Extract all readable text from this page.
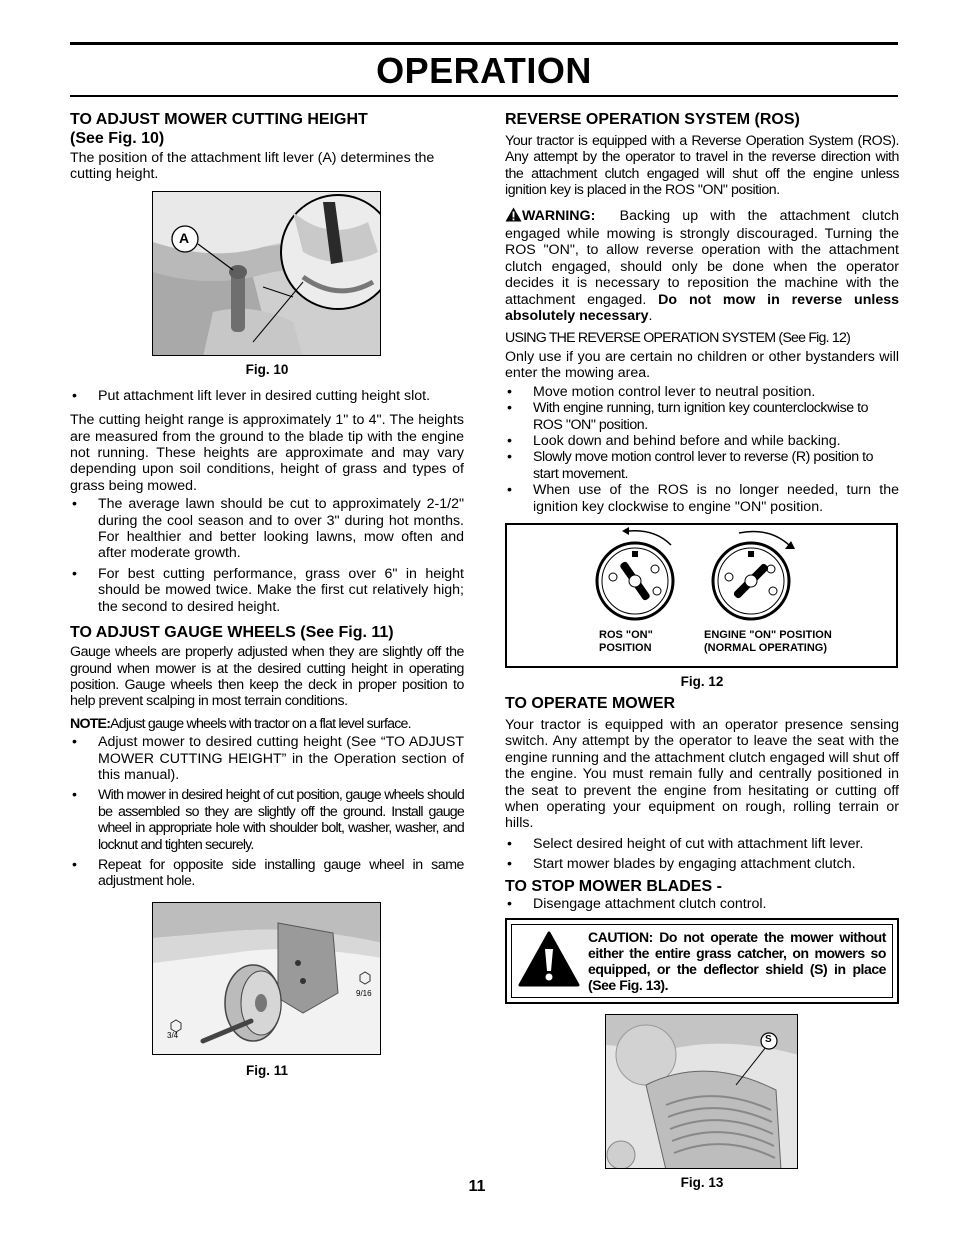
OPERATION
TO ADJUST MOWER CUTTING HEIGHT
(See Fig. 10)

The position of the attachment lift lever (A) determines the cutting height.

A
Fig. 10
• Put attachment lift lever in desired cutting height slot.

The cutting height range is approximately 1" to 4". The heights are measured from the ground to the blade tip with the engine not running. These heights are approximate and may vary depending upon soil conditions, height of grass and types of grass being mowed.

• The average lawn should be cut to approximately 2-1/2" during the cool season and to over 3" during hot months. For healthier and better looking lawns, mow often and after moderate growth.
• For best cutting performance, grass over 6" in height should be mowed twice. Make the first cut relatively high; the second to desired height.
TO ADJUST GAUGE WHEELS (See Fig. 11)

Gauge wheels are properly adjusted when they are slightly off the ground when mower is at the desired cutting height in operating position. Gauge wheels then keep the deck in proper position to help prevent scalping in most terrain conditions.

NOTE:Adjust gauge wheels with tractor on a flat level surface.

• Adjust mower to desired cutting height (See “TO ADJUST MOWER CUTTING HEIGHT” in the Operation section of this manual).
• With mower in desired height of cut position, gauge wheels should be assembled so they are slightly off the ground. Install gauge wheel in appropriate hole with shoulder bolt, washer, washer, and locknut and tighten securely.
• Repeat for opposite side installing gauge wheel in same adjustment hole.
9/16
3/4
Fig. 11
REVERSE OPERATION SYSTEM (ROS)

Your tractor is equipped with a Reverse Operation System (ROS). Any attempt by the operator to travel in the reverse direction with the attachment clutch engaged will shut off the engine unless ignition key is placed in the ROS "ON" position.

WARNING: Backing up with the attachment clutch engaged while mowing is strongly discouraged. Turning the ROS "ON", to allow reverse operation with the attachment clutch engaged, should only be done when the operator decides it is necessary to reposition the machine with the attachment engaged. Do not mow in reverse unless absolutely necessary.

USING THE REVERSE OPERATION SYSTEM (See Fig. 12)

Only use if you are certain no children or other bystanders will enter the mowing area.

• Move motion control lever to neutral position.
• With engine running, turn ignition key counterclockwise to ROS "ON" position.
• Look down and behind before and while backing.
• Slowly move motion control lever to reverse (R) position to start movement.
• When use of the ROS is no longer needed, turn the ignition key clockwise to engine "ON" position.
ROS "ON"
POSITION
ENGINE "ON" POSITION
(NORMAL OPERATING)
Fig. 12
TO OPERATE MOWER

Your tractor is equipped with an operator presence sensing switch. Any attempt by the operator to leave the seat with the engine running and the attachment clutch engaged will shut off the engine. You must remain fully and centrally positioned in the seat to prevent the engine from hesitating or cutting off when operating your equipment on rough, rolling terrain or hills.

• Select desired height of cut with attachment lift lever.
• Start mower blades by engaging attachment clutch.
TO STOP MOWER BLADES -
• Disengage attachment clutch control.
CAUTION: Do not operate the mower without either the entire grass catcher, on mowers so equipped, or the deflector shield (S) in place (See Fig. 13).
S
Fig. 13
11
